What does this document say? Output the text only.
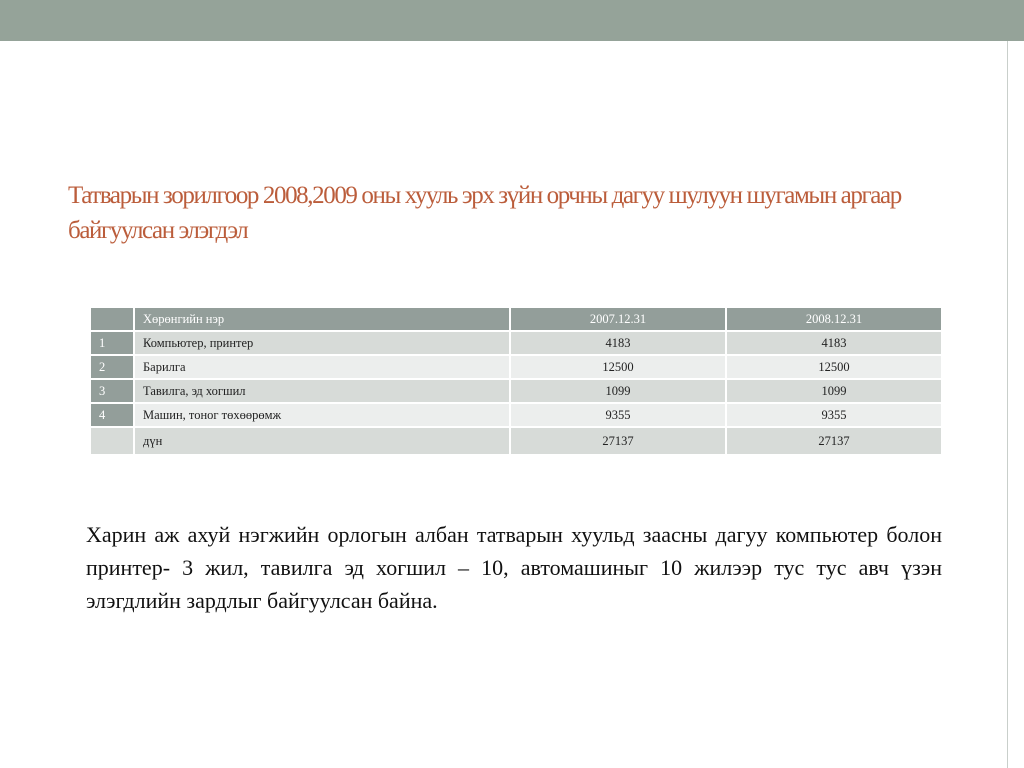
Татварын зорилгоор 2008,2009 оны хууль эрх зүйн орчны дагуу шулуун шугамын аргаар байгуулсан элэгдэл
	Хөрөнгийн нэр	2007.12.31	2008.12.31
1	Компьютер, принтер	4183	4183
2	Барилга	12500	12500
3	Тавилга, эд хогшил	1099	1099
4	Машин, тоног төхөөрөмж	9355	9355
	дүн	27137	27137

Харин аж ахуй нэгжийн орлогын албан татварын хуульд заасны дагуу компьютер болон принтер- 3 жил, тавилга эд хогшил – 10, автомашиныг 10 жилээр тус тус авч үзэн элэгдлийн зардлыг байгуулсан байна.
